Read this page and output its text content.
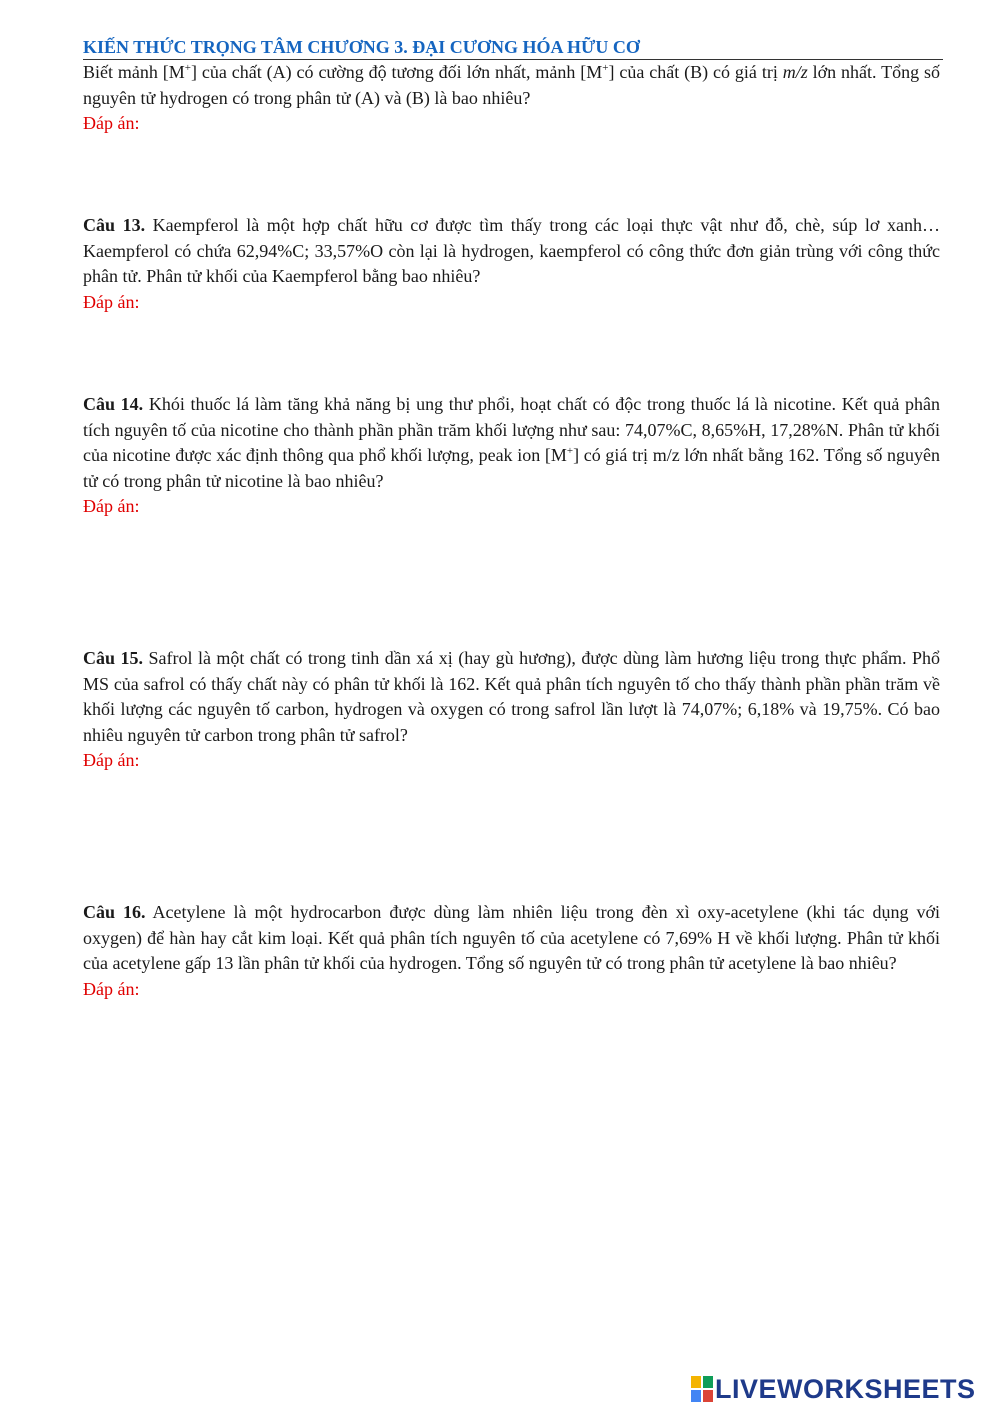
KIẾN THỨC TRỌNG TÂM CHƯƠNG 3. ĐẠI CƯƠNG HÓA HỮU CƠ

Biết mảnh [M+] của chất (A) có cường độ tương đối lớn nhất, mảnh [M+] của chất (B) có giá trị m/z lớn nhất. Tổng số nguyên tử hydrogen có trong phân tử (A) và (B) là bao nhiêu?

Đáp án:

Câu 13. Kaempferol là một hợp chất hữu cơ được tìm thấy trong các loại thực vật như đỗ, chè, súp lơ xanh… Kaempferol có chứa 62,94%C; 33,57%O còn lại là hydrogen, kaempferol có công thức đơn giản trùng với công thức phân tử. Phân tử khối của Kaempferol bằng bao nhiêu?

Đáp án:

Câu 14. Khói thuốc lá làm tăng khả năng bị ung thư phổi, hoạt chất có độc trong thuốc lá là nicotine. Kết quả phân tích nguyên tố của nicotine cho thành phần phần trăm khối lượng như sau: 74,07%C, 8,65%H, 17,28%N. Phân tử khối của nicotine được xác định thông qua phổ khối lượng, peak ion [M+] có giá trị m/z lớn nhất bằng 162. Tổng số nguyên tử có trong phân tử nicotine là bao nhiêu?

Đáp án:

Câu 15. Safrol là một chất có trong tinh dần xá xị (hay gù hương), được dùng làm hương liệu trong thực phẩm. Phổ MS của safrol có thấy chất này có phân tử khối là 162. Kết quả phân tích nguyên tố cho thấy thành phần phần trăm về khối lượng các nguyên tố carbon, hydrogen và oxygen có trong safrol lần lượt là 74,07%; 6,18% và 19,75%. Có bao nhiêu nguyên tử carbon trong phân tử safrol?

Đáp án:

Câu 16. Acetylene là một hydrocarbon được dùng làm nhiên liệu trong đèn xì oxy-acetylene (khi tác dụng với oxygen) để hàn hay cắt kim loại. Kết quả phân tích nguyên tố của acetylene có 7,69% H về khối lượng. Phân tử khối của acetylene gấp 13 lần phân tử khối của hydrogen. Tổng số nguyên tử có trong phân tử acetylene là bao nhiêu?

Đáp án:
LIVEWORKSHEETS
